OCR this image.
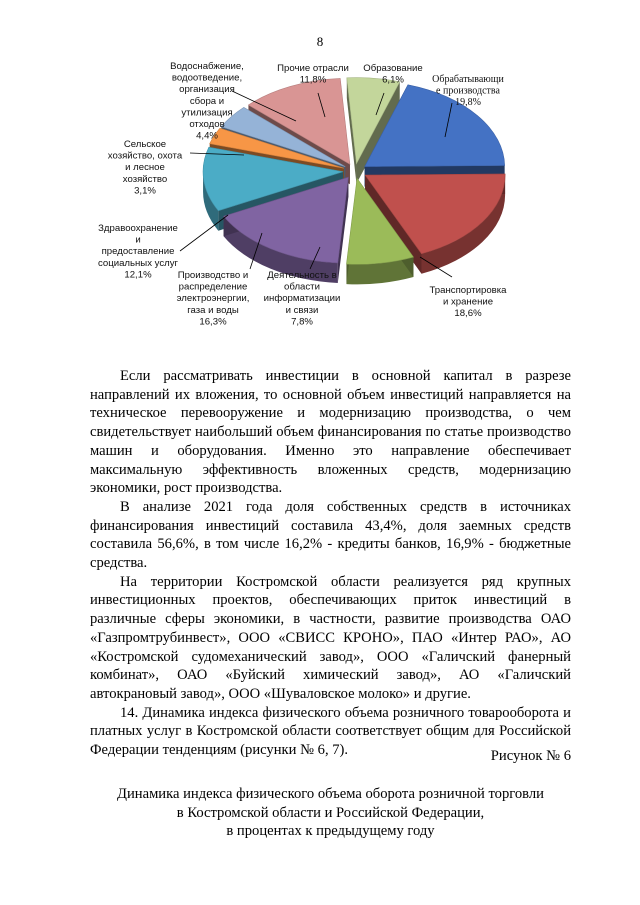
8
Обрабатывающи е производства 19,8%
Транспортировка и хранение 18,6%
Деятельность в области информатизации и связи 7,8%
Производство и распределение электроэнергии, газа и воды 16,3%
Здравоохранение и предоставление социальных услуг 12,1%
Сельское хозяйство, охота и лесное хозяйство 3,1%
Водоснабжение, водоотведение, организация сбора и утилизация отходов 4,4%
Прочие отрасли 11,8%
Образование 6,1%

Если рассматривать инвестиции в основной капитал в разрезе направлений их вложения, то основной объем инвестиций направляется на техническое перевооружение и модернизацию производства, о чем свидетельствует наибольший объем финансирования по статье производство машин и оборудования. Именно это направление обеспечивает максимальную эффективность вложенных средств, модернизацию экономики, рост производства.

В анализе 2021 года доля собственных средств в источниках финансирования инвестиций составила 43,4%, доля заемных средств составила 56,6%, в том числе 16,2% - кредиты банков, 16,9% - бюджетные средства.

На территории Костромской области реализуется ряд крупных инвестиционных проектов, обеспечивающих приток инвестиций в различные сферы экономики, в частности, развитие производства ОАО «Газпромтрубинвест», ООО «СВИСС КРОНО», ПАО «Интер РАО», АО «Костромской судомеханический завод», ООО «Галичский фанерный комбинат», ОАО «Буйский химический завод», АО «Галичский автокрановый завод», ООО «Шуваловское молоко» и другие.

14. Динамика индекса физического объема розничного товарооборота и платных услуг в Костромской области соответствует общим для Российской Федерации тенденциям (рисунки № 6, 7).	Рисунок № 6
Динамика индекса физического объема оборота розничной торговли
в Костромской области и Российской Федерации,
в процентах к предыдущему году
